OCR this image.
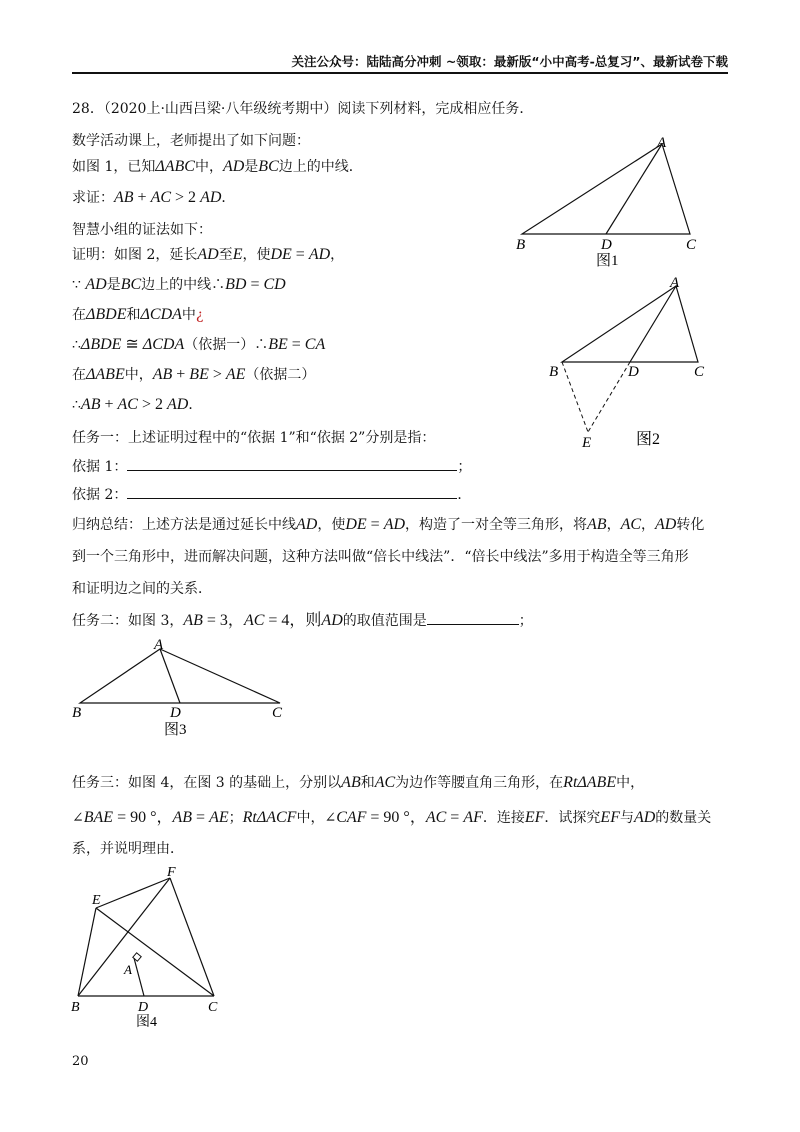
关注公众号：陆陆高分冲刺 ~领取：最新版“小中高考-总复习”、最新试卷下载
28．（2020上·山西吕梁·八年级统考期中）阅读下列材料，完成相应任务．
数学活动课上，老师提出了如下问题：
如图 1，已知ΔABC中，AD是BC边上的中线．
求证：AB + AC > 2 AD．
智慧小组的证法如下：
证明：如图 2，延长AD至E，使DE = AD，
∵ AD是BC边上的中线∴BD = CD
在ΔBDE和ΔCDA中¿
∴ΔBDE ≅ ΔCDA（依据一）∴BE = CA
在ΔABE中，AB + BE > AE（依据二）
∴AB + AC > 2 AD．
任务一：上述证明过程中的“依据 1”和“依据 2”分别是指：
依据 1：	；
依据 2：	．
归纳总结：上述方法是通过延长中线AD，使DE = AD，构造了一对全等三角形，将AB，AC，AD转化
到一个三角形中，进而解决问题，这种方法叫做“倍长中线法”．“倍长中线法”多用于构造全等三角形
和证明边之间的关系．
任务二：如图 3，AB = 3，AC = 4，则AD的取值范围是	；
任务三：如图 4，在图 3 的基础上，分别以AB和AC为边作等腰直角三角形，在RtΔABE中，
∠BAE = 90 °，AB = AE；RtΔACF中，∠CAF = 90 °，AC = AF．连接EF．试探究EF与AD的数量关
系，并说明理由．
A
B	D	C
图1
A
B	D	C
E	图2
A
B	D	C
图3
E
F
A
B	D	C
图4
20
